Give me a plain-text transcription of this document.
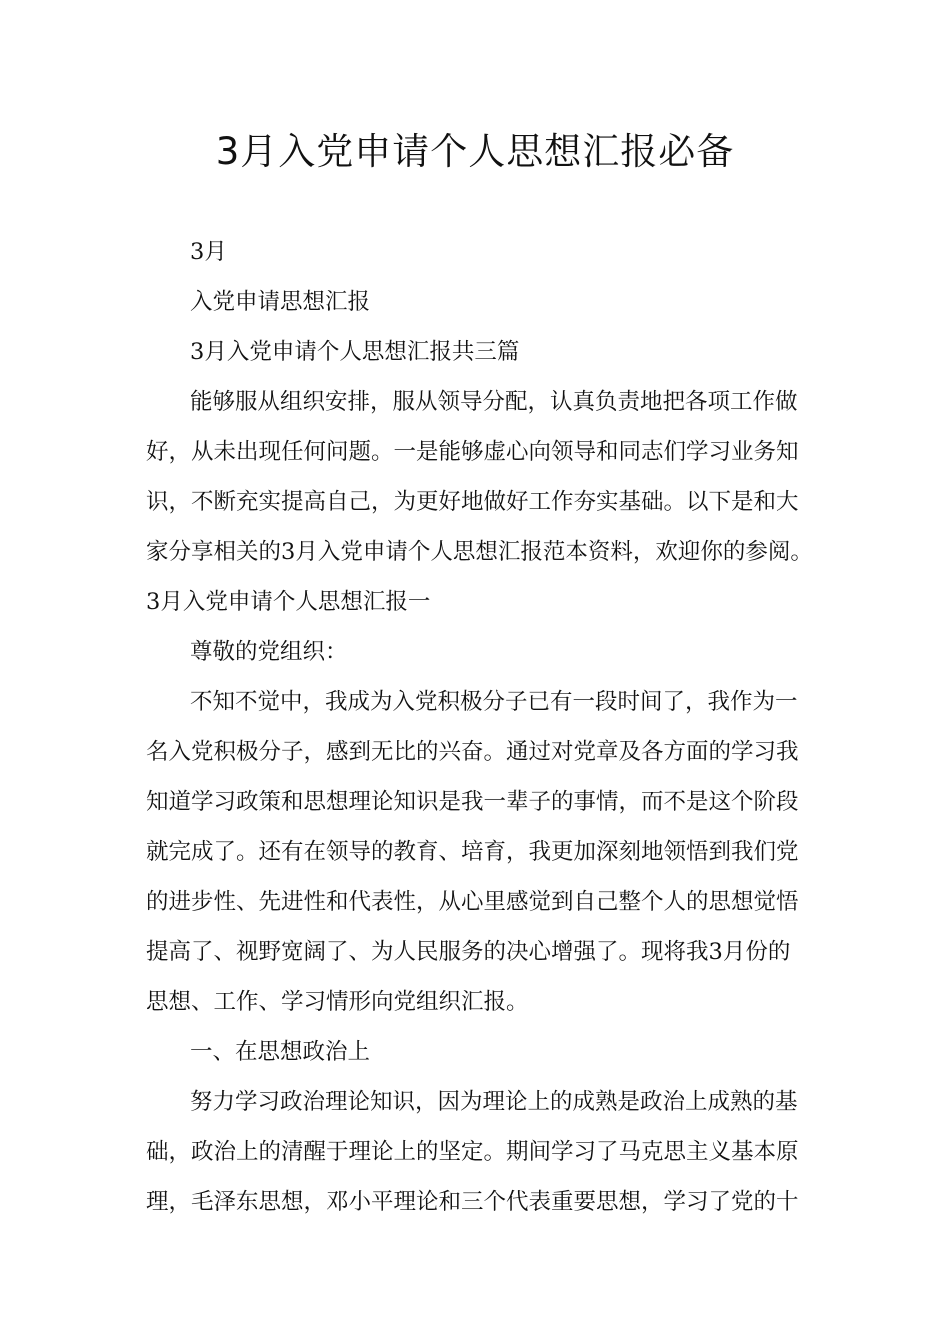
3月入党申请个人思想汇报必备
3月
入党申请思想汇报
3月入党申请个人思想汇报共三篇
能够服从组织安排，服从领导分配，认真负责地把各项工作做
好，从未出现任何问题。一是能够虚心向领导和同志们学习业务知
识，不断充实提高自己，为更好地做好工作夯实基础。以下是和大
家分享相关的3月入党申请个人思想汇报范本资料，欢迎你的参阅。
3月入党申请个人思想汇报一
尊敬的党组织：
不知不觉中，我成为入党积极分子已有一段时间了，我作为一
名入党积极分子，感到无比的兴奋。通过对党章及各方面的学习我
知道学习政策和思想理论知识是我一辈子的事情，而不是这个阶段
就完成了。还有在领导的教育、培育，我更加深刻地领悟到我们党
的进步性、先进性和代表性，从心里感觉到自己整个人的思想觉悟
提高了、视野宽阔了、为人民服务的决心增强了。现将我3月份的
思想、工作、学习情形向党组织汇报。
一、在思想政治上
努力学习政治理论知识，因为理论上的成熟是政治上成熟的基
础，政治上的清醒于理论上的坚定。期间学习了马克思主义基本原
理，毛泽东思想，邓小平理论和三个代表重要思想，学习了党的十
